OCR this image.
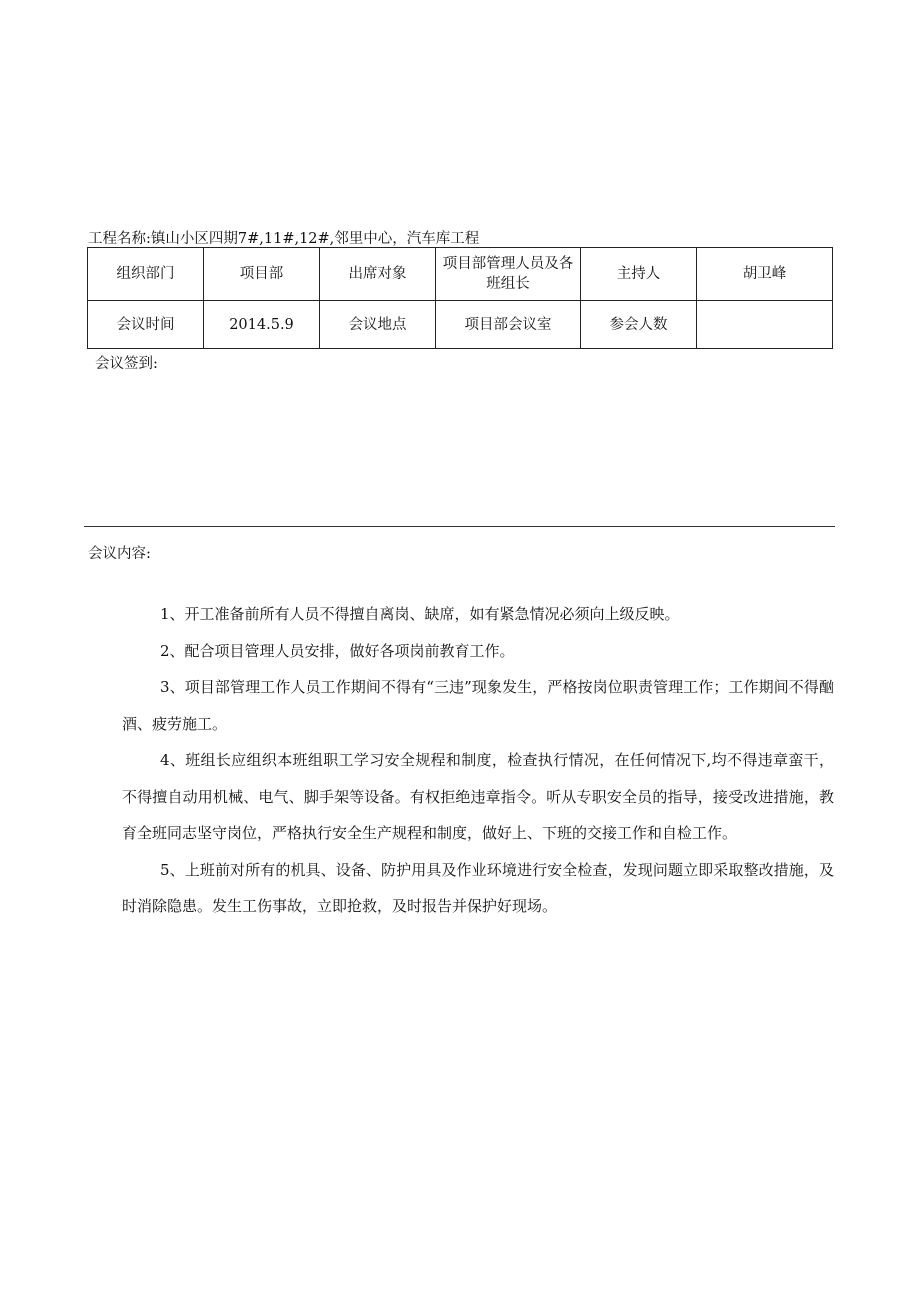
工程名称:镇山小区四期7#,11#,12#,邻里中心，汽车库工程
组织部门	项目部	出席对象	项目部管理人员及各班组长	主持人	胡卫峰
会议时间	2014.5.9	会议地点	项目部会议室	参会人数	
会议签到:
会议内容:

1、开工准备前所有人员不得擅自离岗、缺席，如有紧急情况必须向上级反映。

2、配合项目管理人员安排，做好各项岗前教育工作。

3、项目部管理工作人员工作期间不得有“三违”现象发生，严格按岗位职责管理工作；工作期间不得酗酒、疲劳施工。

4、班组长应组织本班组职工学习安全规程和制度，检查执行情况，在任何情况下,均不得违章蛮干，不得擅自动用机械、电气、脚手架等设备。有权拒绝违章指令。听从专职安全员的指导，接受改进措施，教育全班同志坚守岗位，严格执行安全生产规程和制度，做好上、下班的交接工作和自检工作。

5、上班前对所有的机具、设备、防护用具及作业环境进行安全检查，发现问题立即采取整改措施，及时消除隐患。发生工伤事故，立即抢救，及时报告并保护好现场。
